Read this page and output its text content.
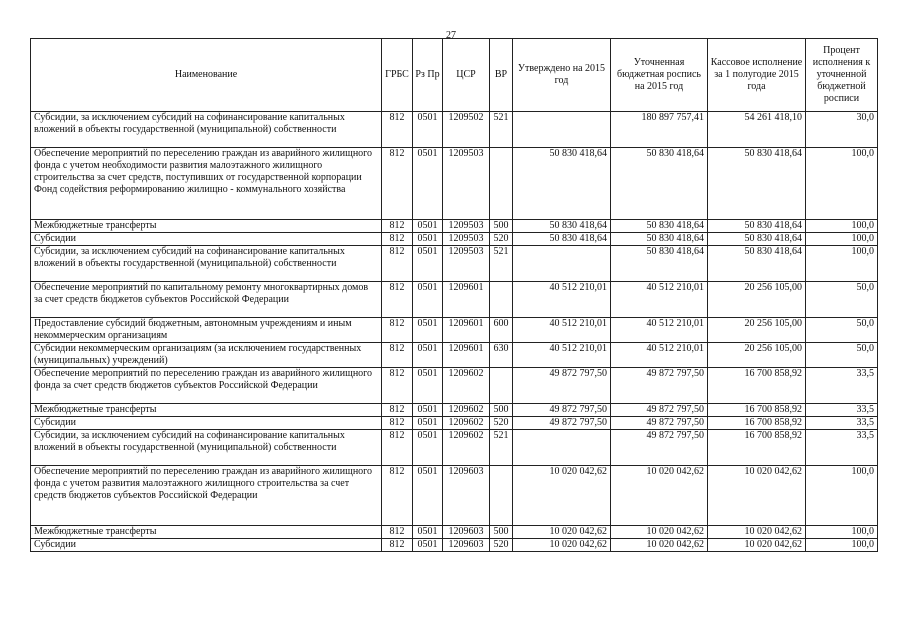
27
Наименование	ГРБС	Рз Пр	ЦСР	ВР	Утверждено на 2015 год	Уточненная бюджетная роспись на 2015 год	Кассовое исполнение за 1 полугодие 2015 года	Процент исполнения к уточненной бюджетной росписи
Субсидии, за исключением субсидий на софинансирование капитальных вложений в объекты государственной (муниципальной) собственности	812	0501	1209502	521		180 897 757,41	54 261 418,10	30,0
Обеспечение мероприятий по переселению граждан из аварийного жилищного фонда с учетом необходимости развития малоэтажного жилищного строительства за счет средств, поступивших от государственной корпорации Фонд содействия реформированию жилищно - коммунального хозяйства	812	0501	1209503		50 830 418,64	50 830 418,64	50 830 418,64	100,0
Межбюджетные трансферты	812	0501	1209503	500	50 830 418,64	50 830 418,64	50 830 418,64	100,0
Субсидии	812	0501	1209503	520	50 830 418,64	50 830 418,64	50 830 418,64	100,0
Субсидии, за исключением субсидий на софинансирование капитальных вложений в объекты государственной (муниципальной) собственности	812	0501	1209503	521		50 830 418,64	50 830 418,64	100,0
Обеспечение мероприятий по капитальному ремонту многоквартирных домов за счет средств бюджетов субъектов Российской Федерации	812	0501	1209601		40 512 210,01	40 512 210,01	20 256 105,00	50,0
Предоставление субсидий бюджетным, автономным учреждениям и иным некоммерческим организациям	812	0501	1209601	600	40 512 210,01	40 512 210,01	20 256 105,00	50,0
Субсидии некоммерческим организациям (за исключением государственных (муниципальных) учреждений)	812	0501	1209601	630	40 512 210,01	40 512 210,01	20 256 105,00	50,0
Обеспечение мероприятий по переселению граждан из аварийного жилищного фонда за счет средств бюджетов субъектов Российской Федерации	812	0501	1209602		49 872 797,50	49 872 797,50	16 700 858,92	33,5
Межбюджетные трансферты	812	0501	1209602	500	49 872 797,50	49 872 797,50	16 700 858,92	33,5
Субсидии	812	0501	1209602	520	49 872 797,50	49 872 797,50	16 700 858,92	33,5
Субсидии, за исключением субсидий на софинансирование капитальных вложений в объекты государственной (муниципальной) собственности	812	0501	1209602	521		49 872 797,50	16 700 858,92	33,5
Обеспечение мероприятий по переселению граждан из аварийного жилищного фонда с учетом развития малоэтажного жилищного строительства за счет средств бюджетов субъектов Российской Федерации	812	0501	1209603		10 020 042,62	10 020 042,62	10 020 042,62	100,0
Межбюджетные трансферты	812	0501	1209603	500	10 020 042,62	10 020 042,62	10 020 042,62	100,0
Субсидии	812	0501	1209603	520	10 020 042,62	10 020 042,62	10 020 042,62	100,0
